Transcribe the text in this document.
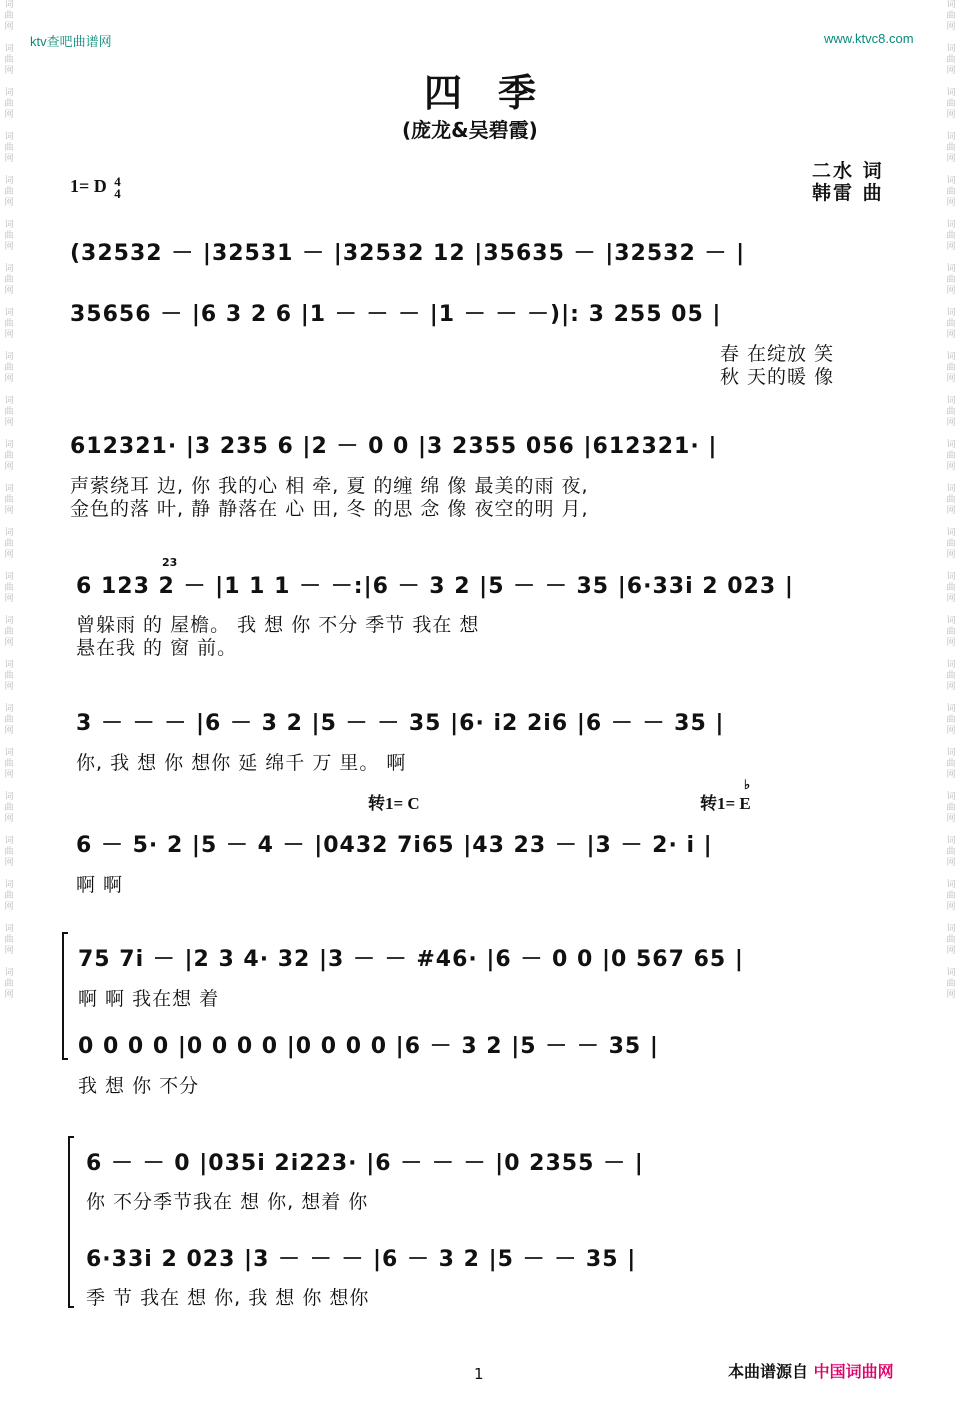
词
曲
网

词
曲
网

词
曲
网

词
曲
网

词
曲
网

词
曲
网

词
曲
网

词
曲
网

词
曲
网

词
曲
网

词
曲
网

词
曲
网

词
曲
网

词
曲
网

词
曲
网

词
曲
网

词
曲
网

词
曲
网

词
曲
网

词
曲
网

词
曲
网

词
曲
网

词
曲
网

词
曲
网

词
曲
网

词
曲
网

词
曲
网

词
曲
网

词
曲
网

词
曲
网

词
曲
网

词
曲
网

词
曲
网

词
曲
网

词
曲
网

词
曲
网

词
曲
网

词
曲
网

词
曲
网

词
曲
网

词
曲
网

词
曲
网

词
曲
网

词
曲
网

词
曲
网

词
曲
网

ktv查吧曲谱网	www.ktvc8.com
四季
(庞龙&吴碧霞)
二水 词
韩雷 曲
1= D 4
4
转1= C	转1= E
♭
23
(32532 － |32531 － |32532 12 |35635 － |32532 － |
35656 － |6 3 2 6 |1 － － － |1 － － －)|: 3 255 05 |
春 在绽放 笑
秋 天的暖 像
612321· |3 235 6 |2 － 0 0 |3 2355 056 |612321· |
声萦绕耳 边, 你 我的心 相 牵, 夏 的缠 绵 像 最美的雨 夜,
金色的落 叶, 静 静落在 心 田, 冬 的思 念 像 夜空的明 月,
6 123 2 － |1 1 1 － －:|6 － 3 2 |5 － － 35 |6·33i 2 023 |
曾躲雨 的 屋檐。 我 想 你 不分 季节 我在 想
悬在我 的 窗 前。
3 － － － |6 － 3 2 |5 － － 35 |6· i2 2i6 |6 － － 35 |
你, 我 想 你 想你 延 绵千 万 里。 啊
6 － 5· 2 |5 － 4 － |0432 7i65 |43 23 － |3 － 2· i |
啊 啊
75 7i － |2 3 4· 32 |3 － － #46· |6 － 0 0 |0 567 65 |
啊 啊 我在想 着
0 0 0 0 |0 0 0 0 |0 0 0 0 |6 － 3 2 |5 － － 35 |
我 想 你 不分
6 － － 0 |035i 2i223· |6 － － － |0 2355 － |
你 不分季节我在 想 你, 想着 你
6·33i 2 023 |3 － － － |6 － 3 2 |5 － － 35 |
季 节 我在 想 你, 我 想 你 想你
1	本曲谱源自 中国词曲网
